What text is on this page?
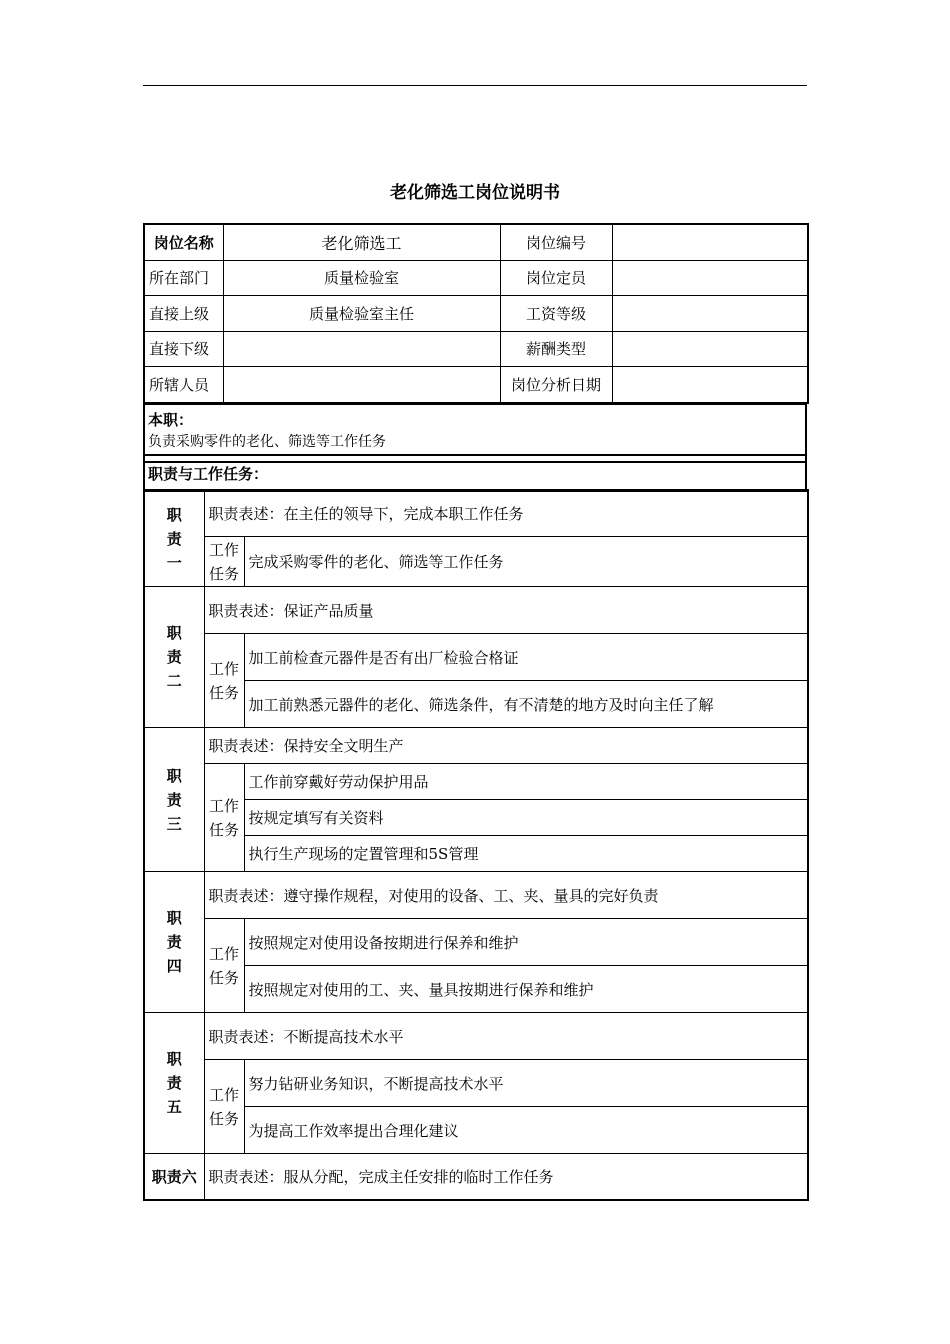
老化筛选工岗位说明书
岗位名称	老化筛选工	岗位编号	
所在部门	质量检验室	岗位定员	
直接上级	质量检验室主任	工资等级	
直接下级		薪酬类型	
所辖人员		岗位分析日期	
本职：
负责采购零件的老化、筛选等工作任务
职责与工作任务：
职
责
一	职责表述：在主任的领导下，完成本职工作任务	
	工作
任务	完成采购零件的老化、筛选等工作任务
职
责
二	职责表述：保证产品质量	
	工作
任务	加工前检查元器件是否有出厂检验合格证
		加工前熟悉元器件的老化、筛选条件，有不清楚的地方及时向主任了解
职
责
三	职责表述：保持安全文明生产	
	工作
任务	工作前穿戴好劳动保护用品
		按规定填写有关资料
		执行生产现场的定置管理和5S管理
职
责
四	职责表述：遵守操作规程，对使用的设备、工、夹、量具的完好负责	
	工作
任务	按照规定对使用设备按期进行保养和维护
		按照规定对使用的工、夹、量具按期进行保养和维护
职
责
五	职责表述：不断提高技术水平	
	工作
任务	努力钻研业务知识，不断提高技术水平
		为提高工作效率提出合理化建议
职责六	职责表述：服从分配，完成主任安排的临时工作任务	
